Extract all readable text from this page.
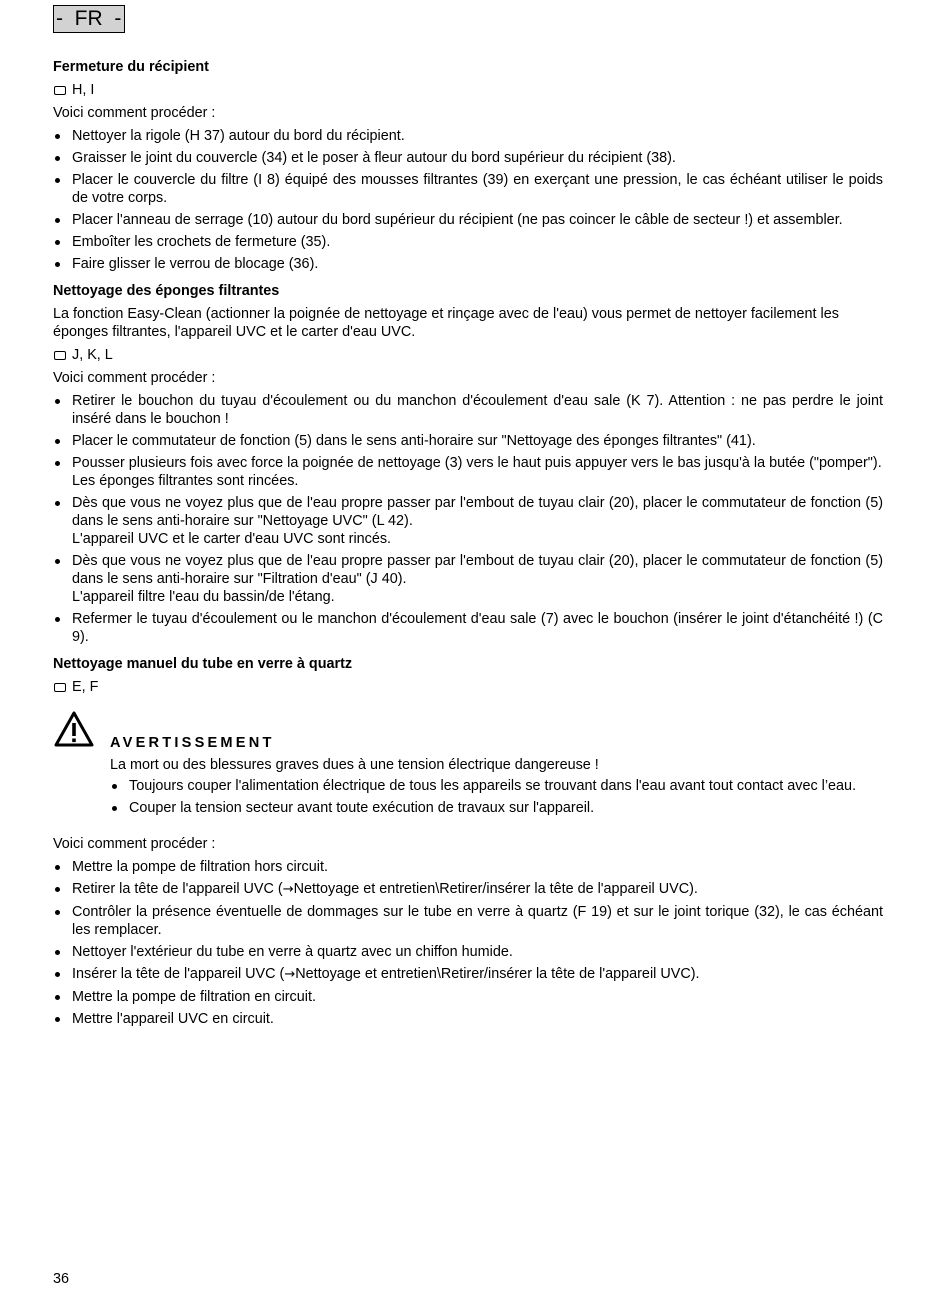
-  FR  -
Fermeture du récipient
H, I

Voici comment procéder :

Nettoyer la rigole (H 37) autour du bord du récipient.
Graisser le joint du couvercle (34) et le poser à fleur autour du bord supérieur du récipient (38).
Placer le couvercle du filtre (I 8) équipé des mousses filtrantes (39) en exerçant une pression, le cas échéant utiliser le poids de votre corps.
Placer l'anneau de serrage (10) autour du bord supérieur du récipient (ne pas coincer le câble de secteur !) et assembler.
Emboîter les crochets de fermeture (35).
Faire glisser le verrou de blocage (36).
Nettoyage des éponges filtrantes

La fonction Easy-Clean (actionner la poignée de nettoyage et rinçage avec de l'eau) vous permet de nettoyer facilement les éponges filtrantes, l'appareil UVC et le carter d'eau UVC.

J, K, L

Voici comment procéder :

Retirer le bouchon du tuyau d'écoulement ou du manchon d'écoulement d'eau sale (K 7). Attention : ne pas perdre le joint inséré dans le bouchon !
Placer le commutateur de fonction (5) dans le sens anti-horaire sur "Nettoyage des éponges filtrantes" (41).
Pousser plusieurs fois avec force la poignée de nettoyage (3) vers le haut puis appuyer vers le bas jusqu'à la butée ("pomper").
Les éponges filtrantes sont rincées.
Dès que vous ne voyez plus que de l'eau propre passer par l'embout de tuyau clair (20), placer le commutateur de fonction (5) dans le sens anti-horaire sur "Nettoyage UVC" (L 42).
L'appareil UVC et le carter d'eau UVC sont rincés.
Dès que vous ne voyez plus que de l'eau propre passer par l'embout de tuyau clair (20), placer le commutateur de fonction (5) dans le sens anti-horaire sur "Filtration d'eau" (J 40).
L'appareil filtre l'eau du bassin/de l'étang.
Refermer le tuyau d'écoulement ou le manchon d'écoulement d'eau sale (7) avec le bouchon (insérer le joint d'étanchéité !) (C 9).
Nettoyage manuel du tube en verre à quartz
E, F
AVERTISSEMENT

La mort ou des blessures graves dues à une tension électrique dangereuse !

Toujours couper l'alimentation électrique de tous les appareils se trouvant dans l'eau avant tout contact avec l’eau.
Couper la tension secteur avant toute exécution de travaux sur l'appareil.

Voici comment procéder :

Mettre la pompe de filtration hors circuit.
Retirer la tête de l'appareil UVC (→Nettoyage et entretien\Retirer/insérer la tête de l'appareil UVC).
Contrôler la présence éventuelle de dommages sur le tube en verre à quartz (F 19) et sur le joint torique (32), le cas échéant les remplacer.
Nettoyer l'extérieur du tube en verre à quartz avec un chiffon humide.
Insérer la tête de l'appareil UVC (→Nettoyage et entretien\Retirer/insérer la tête de l'appareil UVC).
Mettre la pompe de filtration en circuit.
Mettre l'appareil UVC en circuit.
36
